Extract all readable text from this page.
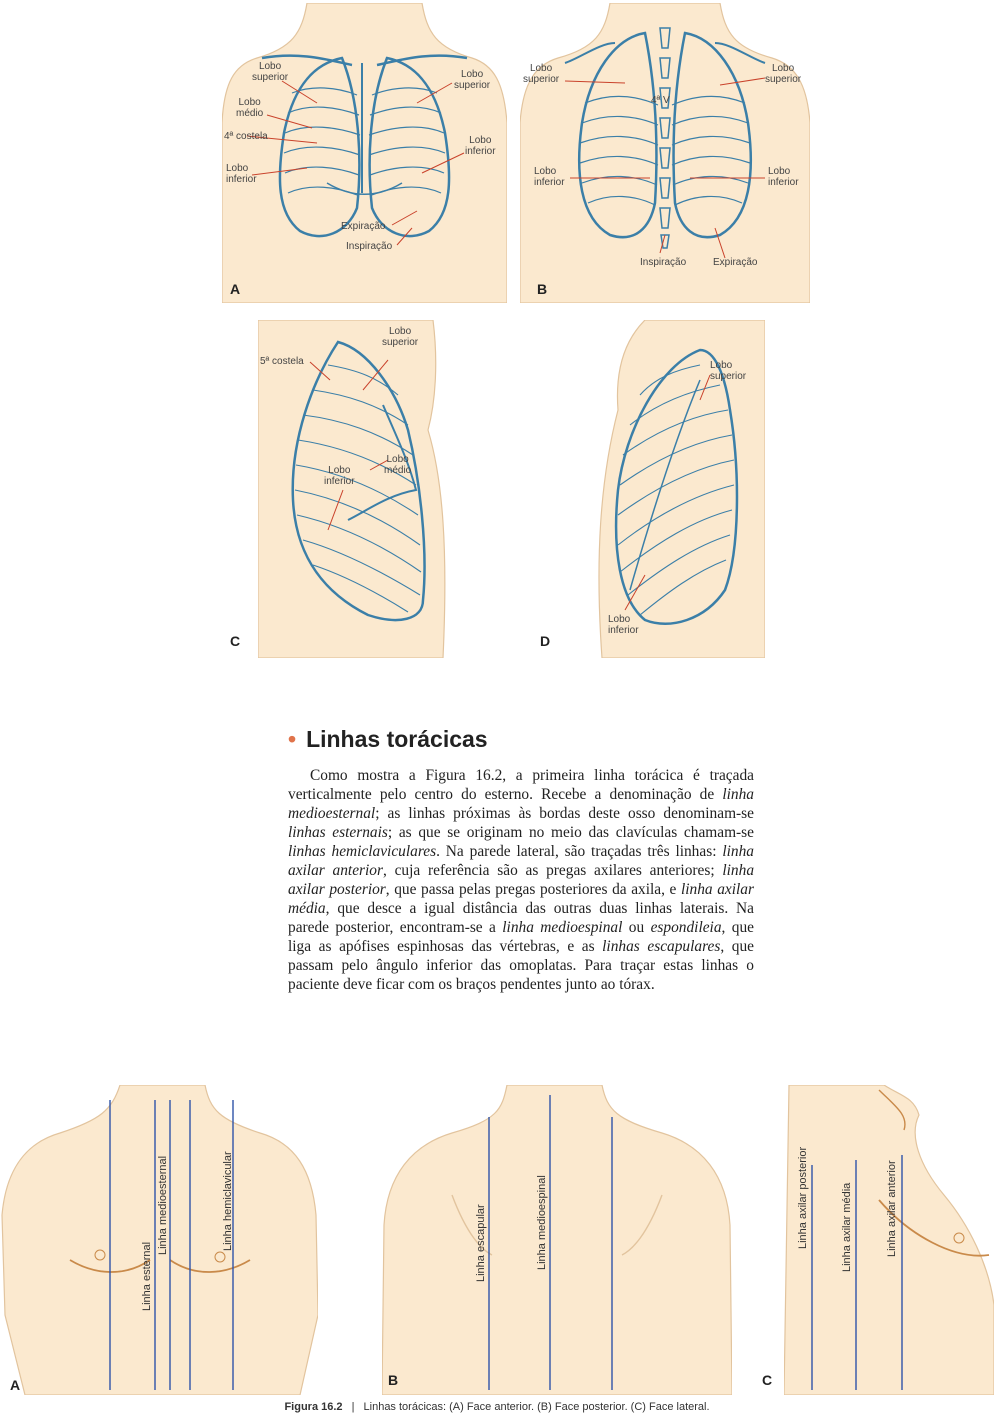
Lobo
superior	Lobo
superior
Lobo
médio
4ª costela
Lobo
inferior
Lobo
inferior
Expiração
Inspiração
A
Lobo
superior
Lobo
superior
4ª V
Lobo
inferior
Lobo
inferior
Inspiração	Expiração
B
5ª costela
Lobo
superior
Lobo
médio
Lobo
inferior
C
Lobo
superior
Lobo
inferior
D
• Linhas torácicas

Como mostra a Figura 16.2, a primeira linha torácica é traçada verticalmente pelo centro do esterno. Recebe a denominação de linha medioesternal; as linhas próximas às bordas deste osso denominam-se linhas esternais; as que se originam no meio das clavículas chamam-se linhas hemiclaviculares. Na parede lateral, são traçadas três linhas: linha axilar anterior, cuja referência são as pregas axilares anteriores; linha axilar posterior, que passa pelas pregas posteriores da axila, e linha axilar média, que desce a igual distância das outras duas linhas laterais. Na parede posterior, encontram-se a linha medioespinal ou espondileia, que liga as apófises espinhosas das vértebras, e as linhas escapulares, que passam pelo ângulo inferior das omoplatas. Para traçar estas linhas o paciente deve ficar com os braços pendentes junto ao tórax.

Linha esternal
Linha medioesternal	Linha hemiclavicular
A
Linha escapular	Linha medioespinal
B
Linha axilar posterior	Linha axilar média	Linha axilar anterior
C
Figura 16.2 | Linhas torácicas: (A) Face anterior. (B) Face posterior. (C) Face lateral.
